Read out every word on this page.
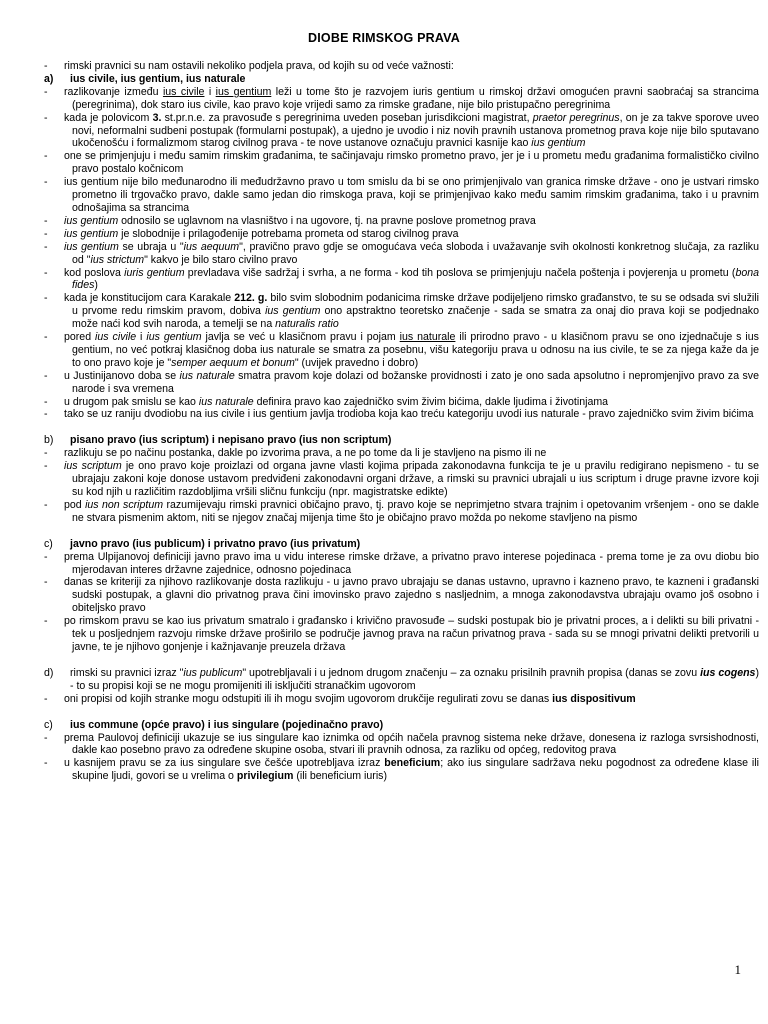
DIOBE RIMSKOG PRAVA
-	rimski pravnici su nam ostavili nekoliko podjela prava, od kojih su od veće važnosti:
a) ius civile, ius gentium, ius naturale
-	razlikovanje između ius civile i ius gentium leži u tome što je razvojem iuris gentium u rimskoj državi omogućen pravni saobraćaj sa strancima (peregrinima), dok staro ius civile, kao pravo koje vrijedi samo za rimske građane, nije bilo pristupačno peregrinima
-	kada je polovicom 3. st.pr.n.e. za pravosuđe s peregrinima uveden poseban jurisdikcioni magistrat, praetor peregrinus, on je za takve sporove uveo novi, neformalni sudbeni postupak (formularni postupak), a ujedno je uvodio i niz novih pravnih ustanova prometnog prava koje nije bilo sputavano ukočenošću i formalizmom starog civilnog prava - te nove ustanove označuju pravnici kasnije kao ius gentium
-	one se primjenjuju i među samim rimskim građanima, te sačinjavaju rimsko prometno pravo, jer je i u prometu među građanima formalističko civilno pravo postalo kočnicom
-	ius gentium nije bilo međunarodno ili međudržavno pravo u tom smislu da bi se ono primjenjivalo van granica rimske države - ono je ustvari rimsko prometno ili trgovačko pravo, dakle samo jedan dio rimskoga prava, koji se primjenjivao kako među samim rimskim građanima, tako i u pravnim odnošajima sa strancima
-	ius gentium odnosilo se uglavnom na vlasništvo i na ugovore, tj. na pravne poslove prometnog prava
-	ius gentium je slobodnije i prilagođenije potrebama prometa od starog civilnog prava
-	ius gentium se ubraja u "ius aequum", pravično pravo gdje se omogućava veća sloboda i uvažavanje svih okolnosti konkretnog slučaja, za razliku od "ius strictum" kakvo je bilo staro civilno pravo
-	kod poslova iuris gentium prevladava više sadržaj i svrha, a ne forma - kod tih poslova se primjenjuju načela poštenja i povjerenja u prometu (bona fides)
-	kada je konstitucijom cara Karakale 212. g. bilo svim slobodnim podanicima rimske države podijeljeno rimsko građanstvo, te su se odsada svi služili u prvome redu rimskim pravom, dobiva ius gentium ono apstraktno teoretsko značenje - sada se smatra za onaj dio prava koji se podjednako može naći kod svih naroda, a temelji se na naturalis ratio
-	pored ius civile i ius gentium javlja se već u klasičnom pravu i pojam ius naturale ili prirodno pravo - u klasičnom pravu se ono izjednačuje s ius gentium, no već potkraj klasičnog doba ius naturale se smatra za posebnu, višu kategoriju prava u odnosu na ius civile, te se za njega kaže da je to ono pravo koje je "semper aequum et bonum" (uvijek pravedno i dobro)
-	u Justinijanovo doba se ius naturale smatra pravom koje dolazi od božanske providnosti i zato je ono sada apsolutno i nepromjenjivo pravo za sve narode i sva vremena
-	u drugom pak smislu se kao ius naturale definira pravo kao zajedničko svim živim bićima, dakle ljudima i životinjama
-	tako se uz raniju dvodiobu na ius civile i ius gentium javlja trodioba koja kao treću kategoriju uvodi ius naturale - pravo zajedničko svim živim bićima
b) pisano pravo (ius scriptum) i nepisano pravo (ius non scriptum)
-	razlikuju se po načinu postanka, dakle po izvorima prava, a ne po tome da li je stavljeno na pismo ili ne
-	ius scriptum je ono pravo koje proizlazi od organa javne vlasti kojima pripada zakonodavna funkcija te je u pravilu redigirano nepismeno - tu se ubrajaju zakoni koje donose ustavom predviđeni zakonodavni organi države, a rimski su pravnici ubrajali u ius scriptum i druge pravne izvore koji su kod njih u različitim razdobljima vršili sličnu funkciju (npr. magistratske edikte)
-	pod ius non scriptum razumijevaju rimski pravnici običajno pravo, tj. pravo koje se neprimjetno stvara trajnim i opetovanim vršenjem - ono se dakle ne stvara pismenim aktom, niti se njegov značaj mijenja time što je običajno pravo možda po nekome stavljeno na pismo
c) javno pravo (ius publicum) i privatno pravo (ius privatum)
-	prema Ulpijanovoj definiciji javno pravo ima u vidu interese rimske države, a privatno pravo interese pojedinaca - prema tome je za ovu diobu bio mjerodavan interes državne zajednice, odnosno pojedinaca
-	danas se kriteriji za njihovo razlikovanje dosta razlikuju - u javno pravo ubrajaju se danas ustavno, upravno i kazneno pravo, te kazneni i građanski sudski postupak, a glavni dio privatnog prava čini imovinsko pravo zajedno s nasljednim, a mnoga zakonodavstva ubrajaju ovamo još osobno i obiteljsko pravo
-	po rimskom pravu se kao ius privatum smatralo i građansko i krivično pravosuđe – sudski postupak bio je privatni proces, a i delikti su bili privatni - tek u posljednjem razvoju rimske države proširilo se područje javnog prava na račun privatnog prava - sada su se mnogi privatni delikti pretvorili u javne, te je njihovo gonjenje i kažnjavanje preuzela država
d) rimski su pravnici izraz "ius publicum" upotrebljavali i u jednom drugom značenju – za oznaku prisilnih pravnih propisa (danas se zovu ius cogens) - to su propisi koji se ne mogu promijeniti ili isključiti stranačkim ugovorom
-	oni propisi od kojih stranke mogu odstupiti ili ih mogu svojim ugovorom drukčije regulirati zovu se danas ius dispositivum
c) ius commune (opće pravo) i ius singulare (pojedinačno pravo)
-	prema Paulovoj definiciji ukazuje se ius singulare kao iznimka od općih načela pravnog sistema neke države, donesena iz razloga svrsishodnosti, dakle kao posebno pravo za određene skupine osoba, stvari ili pravnih odnosa, za razliku od općeg, redovitog prava
-	u kasnijem pravu se za ius singulare sve češće upotrebljava izraz beneficium; ako ius singulare sadržava neku pogodnost za određene klase ili skupine ljudi, govori se u vrelima o privilegium (ili beneficium iuris)
1
